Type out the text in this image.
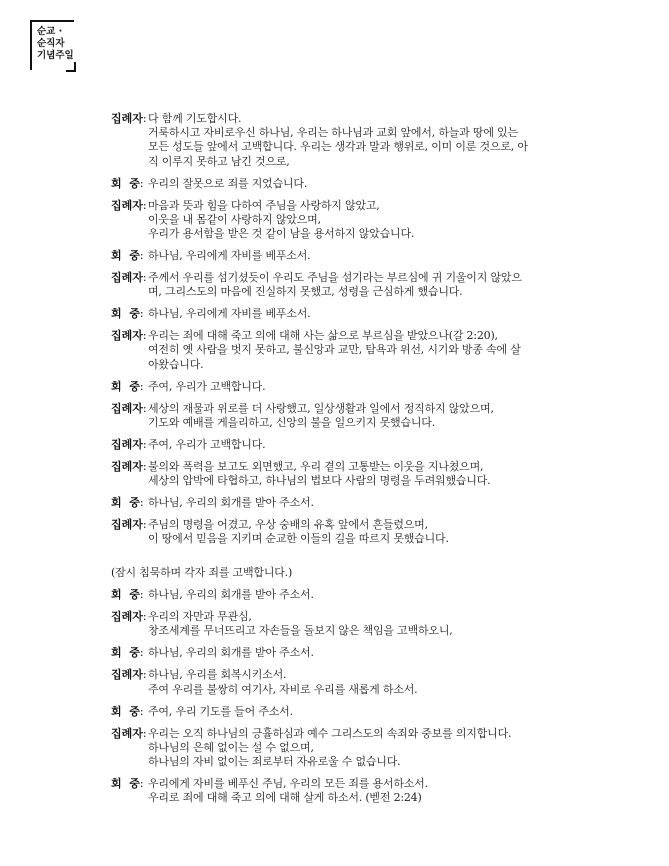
순교 ·
순직자
기념주일
집례자: 다 함께 기도합시다.
거룩하시고 자비로우신 하나님, 우리는 하나님과 교회 앞에서, 하늘과 땅에 있는
모든 성도들 앞에서 고백합니다. 우리는 생각과 말과 행위로, 이미 이룬 것으로, 아
직 이루지 못하고 남긴 것으로,
회  중: 우리의 잘못으로 죄를 지었습니다.
집례자: 마음과 뜻과 힘을 다하여 주님을 사랑하지 않았고,
이웃을 내 몸같이 사랑하지 않았으며,
우리가 용서함을 받은 것 같이 남을 용서하지 않았습니다.
회  중: 하나님, 우리에게 자비를 베푸소서.
집례자: 주께서 우리를 섬기셨듯이 우리도 주님을 섬기라는 부르심에 귀 기울이지 않았으
며, 그리스도의 마음에 진실하지 못했고, 성령을 근심하게 했습니다.
회  중: 하나님, 우리에게 자비를 베푸소서.
집례자: 우리는 죄에 대해 죽고 의에 대해 사는 삶으로 부르심을 받았으나(갈 2:20),
여전히 옛 사람을 벗지 못하고, 불신앙과 교만, 탐욕과 위선, 시기와 방종 속에 살
아왔습니다.
회  중: 주여, 우리가 고백합니다.
집례자: 세상의 재물과 위로를 더 사랑했고, 일상생활과 일에서 정직하지 않았으며,
기도와 예배를 게을리하고, 신앙의 불을 일으키지 못했습니다.
집례자: 주여, 우리가 고백합니다.
집례자: 불의와 폭력을 보고도 외면했고, 우리 곁의 고통받는 이웃을 지나쳤으며,
세상의 압박에 타협하고, 하나님의 법보다 사람의 명령을 두려워했습니다.
회  중: 하나님, 우리의 회개를 받아 주소서.
집례자: 주님의 명령을 어겼고, 우상 숭배의 유혹 앞에서 흔들렸으며,
이 땅에서 믿음을 지키며 순교한 이들의 길을 따르지 못했습니다.
(잠시 침묵하며 각자 죄를 고백합니다.)
회  중: 하나님, 우리의 회개를 받아 주소서.
집례자: 우리의 자만과 무관심,
창조세계를 무너뜨리고 자손들을 돌보지 않은 책임을 고백하오니,
회  중: 하나님, 우리의 회개를 받아 주소서.
집례자: 하나님, 우리를 회복시키소서.
주여 우리를 불쌍히 여기사, 자비로 우리를 새롭게 하소서.
회  중: 주여, 우리 기도를 들어 주소서.
집례자: 우리는 오직 하나님의 긍휼하심과 예수 그리스도의 속죄와 중보를 의지합니다.
하나님의 은혜 없이는 설 수 없으며,
하나님의 자비 없이는 죄로부터 자유로울 수 없습니다.
회  중: 우리에게 자비를 베푸신 주님, 우리의 모든 죄를 용서하소서.
우리로 죄에 대해 죽고 의에 대해 살게 하소서. (벧전 2:24)
